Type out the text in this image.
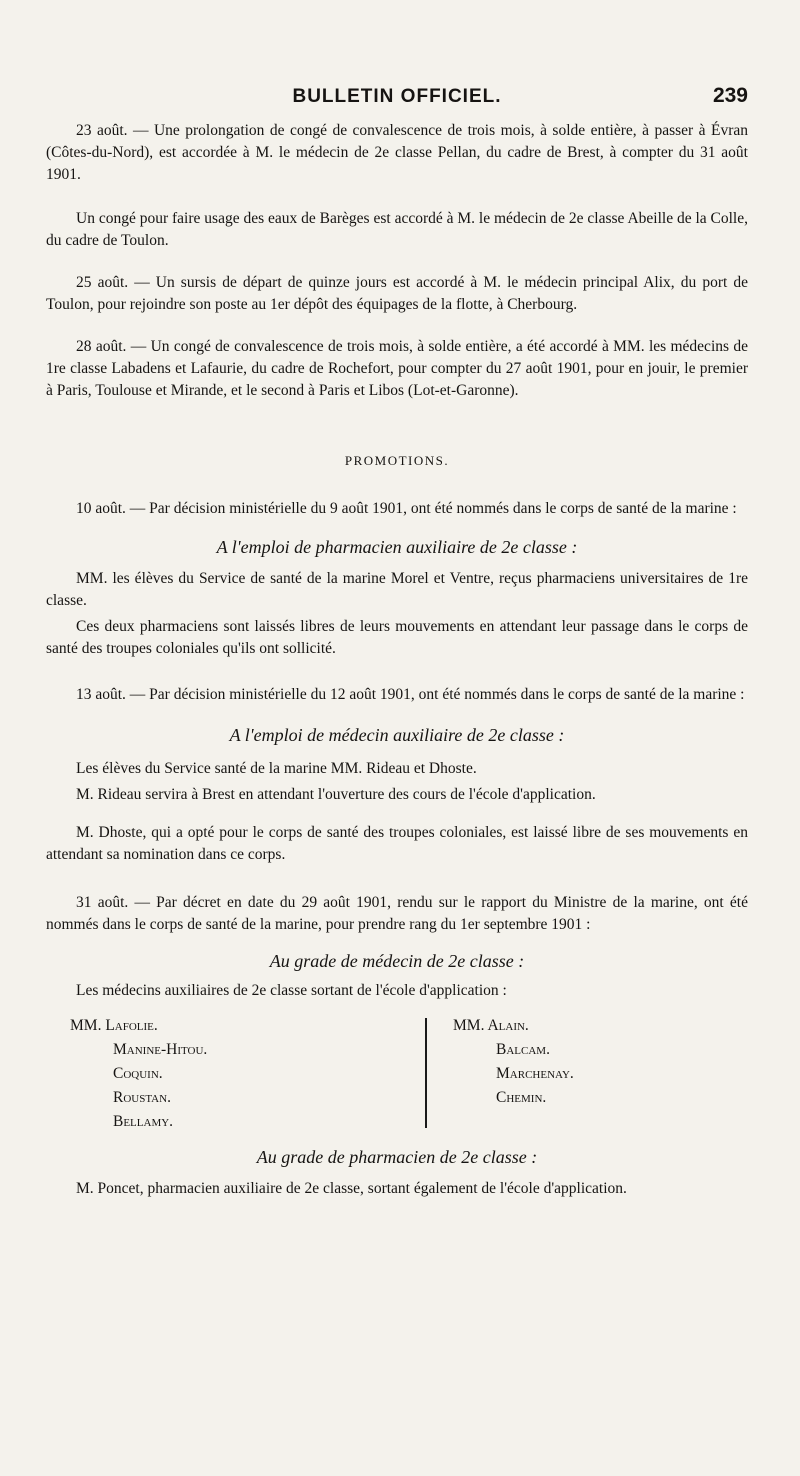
BULLETIN OFFICIEL.	239

23 août. — Une prolongation de congé de convalescence de trois mois, à solde entière, à passer à Évran (Côtes-du-Nord), est accordée à M. le médecin de 2e classe Pellan, du cadre de Brest, à compter du 31 août 1901.

Un congé pour faire usage des eaux de Barèges est accordé à M. le médecin de 2e classe Abeille de la Colle, du cadre de Toulon.

25 août. — Un sursis de départ de quinze jours est accordé à M. le médecin principal Alix, du port de Toulon, pour rejoindre son poste au 1er dépôt des équipages de la flotte, à Cherbourg.

28 août. — Un congé de convalescence de trois mois, à solde entière, a été accordé à MM. les médecins de 1re classe Labadens et Lafaurie, du cadre de Rochefort, pour compter du 27 août 1901, pour en jouir, le premier à Paris, Toulouse et Mirande, et le second à Paris et Libos (Lot-et-Garonne).

PROMOTIONS.

10 août. — Par décision ministérielle du 9 août 1901, ont été nommés dans le corps de santé de la marine :

A l'emploi de pharmacien auxiliaire de 2e classe :

MM. les élèves du Service de santé de la marine Morel et Ventre, reçus pharmaciens universitaires de 1re classe.

Ces deux pharmaciens sont laissés libres de leurs mouvements en attendant leur passage dans le corps de santé des troupes coloniales qu'ils ont sollicité.

13 août. — Par décision ministérielle du 12 août 1901, ont été nommés dans le corps de santé de la marine :

A l'emploi de médecin auxiliaire de 2e classe :

Les élèves du Service santé de la marine MM. Rideau et Dhoste.

M. Rideau servira à Brest en attendant l'ouverture des cours de l'école d'application.

M. Dhoste, qui a opté pour le corps de santé des troupes coloniales, est laissé libre de ses mouvements en attendant sa nomination dans ce corps.

31 août. — Par décret en date du 29 août 1901, rendu sur le rapport du Ministre de la marine, ont été nommés dans le corps de santé de la marine, pour prendre rang du 1er septembre 1901 :

Au grade de médecin de 2e classe :

Les médecins auxiliaires de 2e classe sortant de l'école d'application :

MM. Lafolie.
Manine-Hitou.
Coquin.
Roustan.
Bellamy.
MM. Alain.
Balcam.
Marchenay.
Chemin.

Au grade de pharmacien de 2e classe :

M. Poncet, pharmacien auxiliaire de 2e classe, sortant également de l'école d'application.
